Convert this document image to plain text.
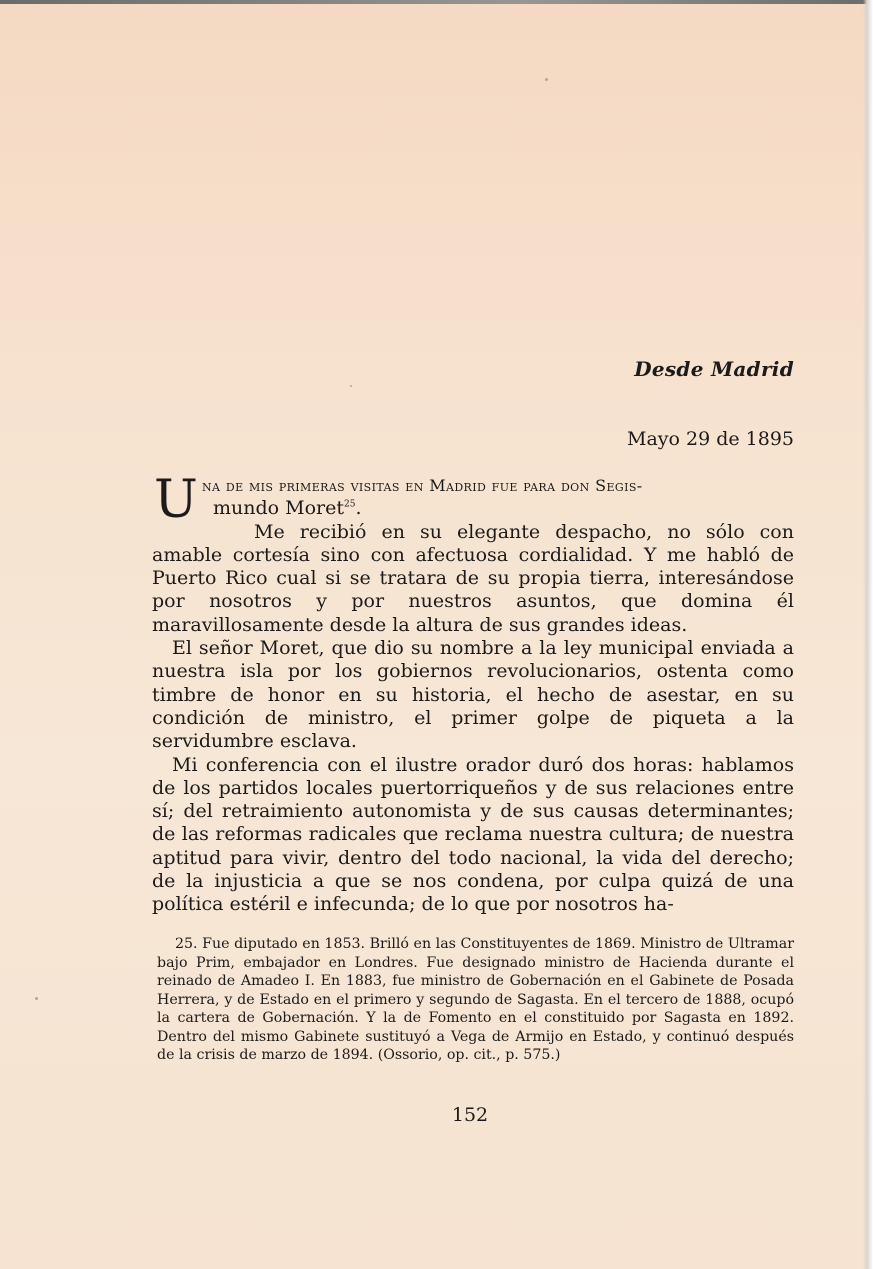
Desde Madrid
Mayo 29 de 1895
U na de mis primeras visitas en Madrid fue para don Segis-
mundo Moret$^{25}$.

Me recibió en su elegante despacho, no sólo con amable cortesía sino con afectuosa cordialidad. Y me habló de Puerto Rico cual si se tratara de su propia tierra, interesándose por nosotros y por nuestros asuntos, que domina él maravillosamente desde la altura de sus grandes ideas.

El señor Moret, que dio su nombre a la ley municipal enviada a nuestra isla por los gobiernos revolucionarios, ostenta como timbre de honor en su historia, el hecho de asestar, en su condición de ministro, el primer golpe de piqueta a la servidumbre esclava.

Mi conferencia con el ilustre orador duró dos horas: hablamos de los partidos locales puertorriqueños y de sus relaciones entre sí; del retraimiento autonomista y de sus causas determinantes; de las reformas radicales que reclama nuestra cultura; de nuestra aptitud para vivir, dentro del todo nacional, la vida del derecho; de la injusticia a que se nos condena, por culpa quizá de una política estéril e infecunda; de lo que por nosotros ha-

25. Fue diputado en 1853. Brilló en las Constituyentes de 1869. Ministro de Ultramar bajo Prim, embajador en Londres. Fue designado ministro de Hacienda durante el reinado de Amadeo I. En 1883, fue ministro de Gobernación en el Gabinete de Posada Herrera, y de Estado en el primero y segundo de Sagasta. En el tercero de 1888, ocupó la cartera de Gobernación. Y la de Fomento en el constituido por Sagasta en 1892. Dentro del mismo Gabinete sustituyó a Vega de Armijo en Estado, y continuó después de la crisis de marzo de 1894. (Ossorio, op. cit., p. 575.)

152
